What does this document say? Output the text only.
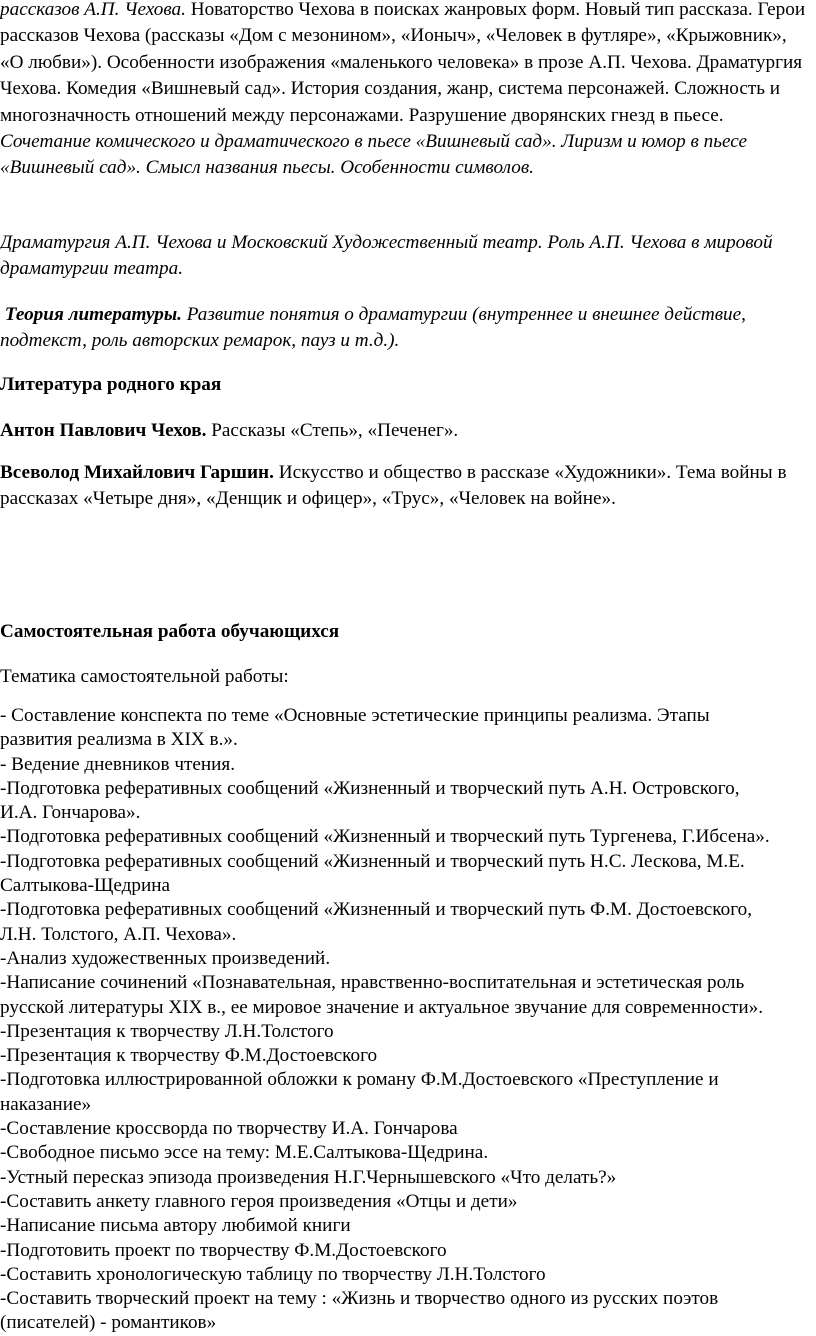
рассказов А.П. Чехова. Новаторство Чехова в поисках жанровых форм. Новый тип рассказа. Герои рассказов Чехова (рассказы «Дом с мезонином», «Ионыч», «Человек в футляре», «Крыжовник», «О любви»). Особенности изображения «маленького человека» в прозе А.П. Чехова. Драматургия Чехова. Комедия «Вишневый сад». История создания, жанр, система персонажей. Сложность и многозначность отношений между персонажами. Разрушение дворянских гнезд в пьесе. Сочетание комического и драматического в пьесе «Вишневый сад». Лиризм и юмор в пьесе «Вишневый сад». Смысл названия пьесы. Особенности символов.

Драматургия А.П. Чехова и Московский Художественный театр. Роль А.П. Чехова в мировой драматургии театра.

Теория литературы. Развитие понятия о драматургии (внутреннее и внешнее действие, подтекст, роль авторских ремарок, пауз и т.д.).

Литература родного края

Антон Павлович Чехов. Рассказы «Степь», «Печенег».

Всеволод Михайлович Гаршин. Искусство и общество в рассказе «Художники». Тема войны в рассказах «Четыре дня», «Денщик и офицер», «Трус», «Человек на войне».

Самостоятельная работа обучающихся

Тематика самостоятельной работы:

- Составление конспекта по теме «Основные эстетические принципы реализма. Этапы
развития реализма в XIX в.».
- Ведение дневников чтения.
-Подготовка реферативных сообщений «Жизненный и творческий путь А.Н. Островского,
И.А. Гончарова».
-Подготовка реферативных сообщений «Жизненный и творческий путь Тургенева, Г.Ибсена».
-Подготовка реферативных сообщений «Жизненный и творческий путь Н.С. Лескова, М.Е.
Салтыкова-Щедрина
-Подготовка реферативных сообщений «Жизненный и творческий путь Ф.М. Достоевского,
Л.Н. Толстого, А.П. Чехова».
-Анализ художественных произведений.
-Написание сочинений «Познавательная, нравственно-воспитательная и эстетическая роль
русской литературы XIX в., ее мировое значение и актуальное звучание для современности».
-Презентация к творчеству Л.Н.Толстого
-Презентация к творчеству Ф.М.Достоевского
-Подготовка иллюстрированной обложки к роману Ф.М.Достоевского «Преступление и
наказание»
-Составление кроссворда по творчеству И.А. Гончарова
-Свободное письмо эссе на тему: М.Е.Салтыкова-Щедрина.
-Устный пересказ эпизода произведения Н.Г.Чернышевского «Что делать?»
-Составить анкету главного героя произведения «Отцы и дети»
-Написание письма автору любимой книги
-Подготовить проект по творчеству Ф.М.Достоевского
-Составить хронологическую таблицу по творчеству Л.Н.Толстого
-Составить творческий проект на тему : «Жизнь и творчество одного из русских поэтов
(писателей) - романтиков»
